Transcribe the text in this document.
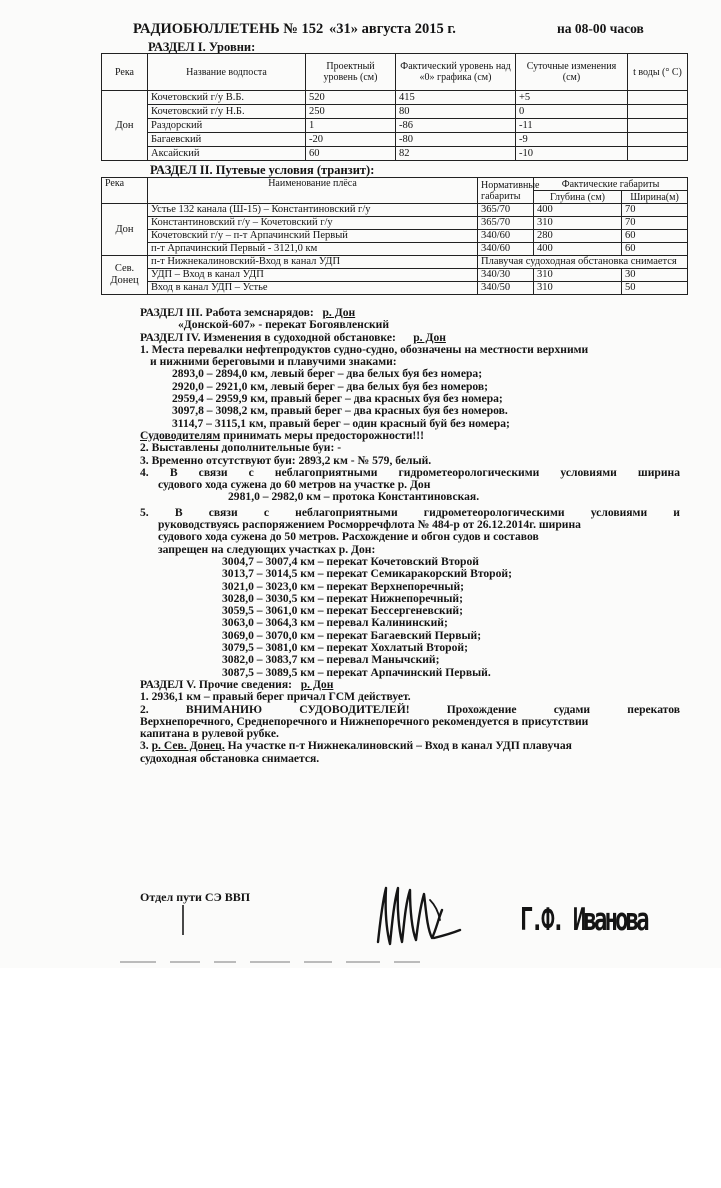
РАДИОБЮЛЛЕТЕНЬ № 152 «31» августа 2015 г.	на 08-00 часов
РАЗДЕЛ I. Уровни:
Река	Название водпоста	Проектный уровень (см)	Фактический уровень над «0» графика (см)	Суточные изменения (см)	t воды (° С)
Дон	Кочетовский г/у В.Б.	520	415	+5	
	Кочетовский г/у Н.Б.	250	80	0	
	Раздорский	1	-86	-11	
	Багаевский	-20	-80	-9	
	Аксайский	60	82	-10	
РАЗДЕЛ II. Путевые условия (транзит):
Река	Наименование плёса	Нормативные габариты	Фактические габариты	
			Глубина (см)	Ширина(м)
Дон	Устье 132 канала (Ш-15) – Константиновский г/у	365/70	400	70
	Константиновский г/у – Кочетовский г/у	365/70	310	70
	Кочетовский г/у – п-т Арпачинский Первый	340/60	280	60
	п-т Арпачинский Первый - 3121,0 км	340/60	400	60
Сев. Донец	п-т Нижнекалиновский-Вход в канал УДП	Плавучая судоходная обстановка снимается		
	УДП – Вход в канал УДП	340/30	310	30
	Вход в канал УДП – Устье	340/50	310	50
РАЗДЕЛ III. Работа земснарядов: р. Дон
«Донской-607» - перекат Богоявленский
РАЗДЕЛ IV. Изменения в судоходной обстановке: р. Дон
1. Места перевалки нефтепродуктов судно-судно, обозначены на местности верхними
и нижними береговыми и плавучими знаками:
2893,0 – 2894,0 км, левый берег – два белых буя без номера;
2920,0 – 2921,0 км, левый берег – два белых буя без номеров;
2959,4 – 2959,9 км, правый берег – два красных буя без номера;
3097,8 – 3098,2 км, правый берег – два красных буя без номеров.
3114,7 – 3115,1 км, правый берег – один красный буй без номера;
Судоводителям принимать меры предосторожности!!!
2. Выставлены дополнительные буи: -
3. Временно отсутствуют буи: 2893,2 км - № 579, белый.
4. В связи с неблагоприятными гидрометеорологическими условиями ширина
судового хода сужена до 60 метров на участке р. Дон
2981,0 – 2982,0 км – протока Константиновская.
5. В связи с неблагоприятными гидрометеорологическими условиями и
руководствуясь распоряжением Росморречфлота № 484-р от 26.12.2014г. ширина
судового хода сужена до 50 метров. Расхождение и обгон судов и составов
запрещен на следующих участках р. Дон:
3004,7 – 3007,4 км – перекат Кочетовский Второй
3013,7 – 3014,5 км – перекат Семикаракорский Второй;
3021,0 – 3023,0 км – перекат Верхнепоречный;
3028,0 – 3030,5 км – перекат Нижнепоречный;
3059,5 – 3061,0 км – перекат Бессергеневский;
3063,0 – 3064,3 км – перевал Калининский;
3069,0 – 3070,0 км – перекат Багаевский Первый;
3079,5 – 3081,0 км – перекат Хохлатый Второй;
3082,0 – 3083,7 км – перевал Манычский;
3087,5 – 3089,5 км – перекат Арпачинский Первый.
РАЗДЕЛ V. Прочие сведения: р. Дон
1. 2936,1 км – правый берег причал ГСМ действует.
2. ВНИМАНИЮ СУДОВОДИТЕЛЕЙ! Прохождение судами перекатов
Верхнепоречного, Среднепоречного и Нижнепоречного рекомендуется в присутствии
капитана в рулевой рубке.
3. р. Сев. Донец. На участке п-т Нижнекалиновский – Вход в канал УДП плавучая
судоходная обстановка снимается.
Отдел пути СЭ ВВП
Г.Ф. Иванова
